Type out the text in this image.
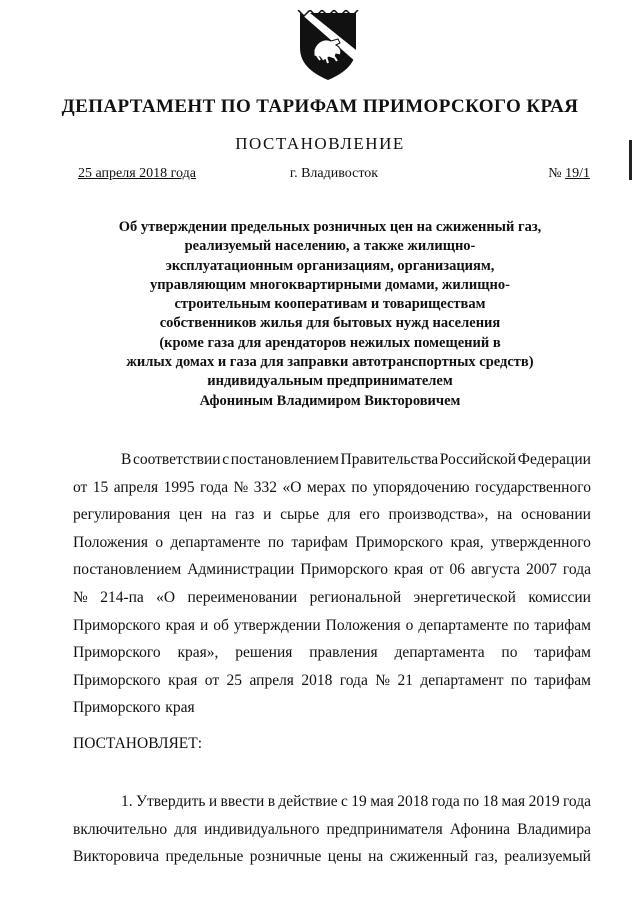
ДЕПАРТАМЕНТ ПО ТАРИФАМ ПРИМОРСКОГО КРАЯ
ПОСТАНОВЛЕНИЕ
25 апреля 2018 года	г. Владивосток	№ 19/1
Об утверждении предельных розничных цен на сжиженный газ,
реализуемый населению, а также жилищно-
эксплуатационным организациям, организациям,
управляющим многоквартирными домами, жилищно-
строительным кооперативам и товариществам
собственников жилья для бытовых нужд населения
(кроме газа для арендаторов нежилых помещений в
жилых домах и газа для заправки автотранспортных средств)
индивидуальным предпринимателем
Афониным Владимиром Викторовичем
В соответствии с постановлением Правительства Российской Федерации
от 15 апреля 1995 года № 332 «О мерах по упорядочению государственного
регулирования цен на газ и сырье для его производства», на основании
Положения о департаменте по тарифам Приморского края, утвержденного
постановлением Администрации Приморского края от 06 августа 2007 года
№ 214-па «О переименовании региональной энергетической комиссии
Приморского края и об утверждении Положения о департаменте по тарифам
Приморского края», решения правления департамента по тарифам
Приморского края от 25 апреля 2018 года № 21 департамент по тарифам
Приморского края
ПОСТАНОВЛЯЕТ:
1. Утвердить и ввести в действие с 19 мая 2018 года по 18 мая 2019 года
включительно для индивидуального предпринимателя Афонина Владимира
Викторовича предельные розничные цены на сжиженный газ, реализуемый
